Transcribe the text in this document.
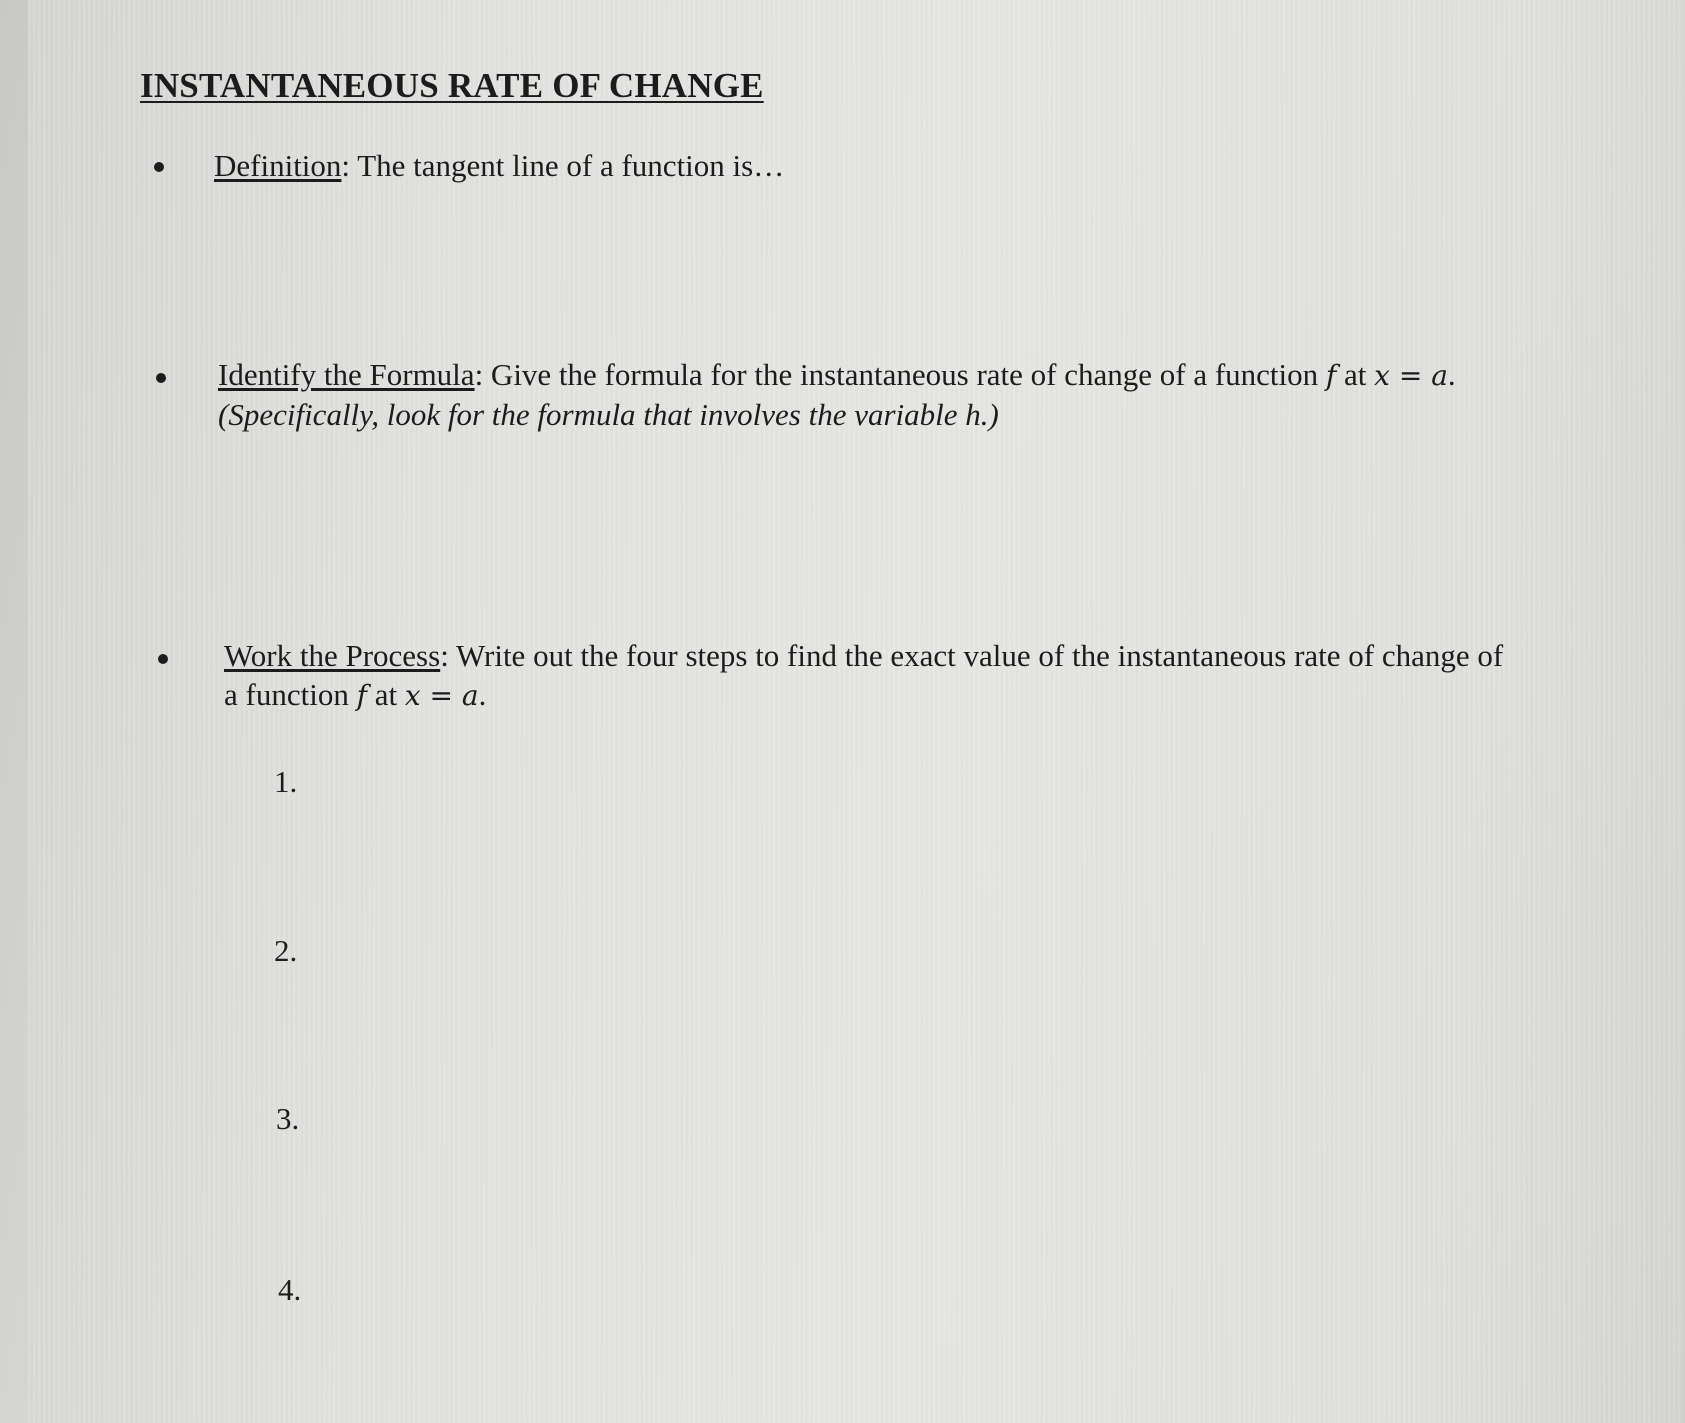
INSTANTANEOUS RATE OF CHANGE
Definition: The tangent line of a function is…
Identify the Formula: Give the formula for the instantaneous rate of change of a function f at x = a.
(Specifically, look for the formula that involves the variable h.)
Work the Process: Write out the four steps to find the exact value of the instantaneous rate of change of
a function f at x = a.
1.
2.
3.
4.
